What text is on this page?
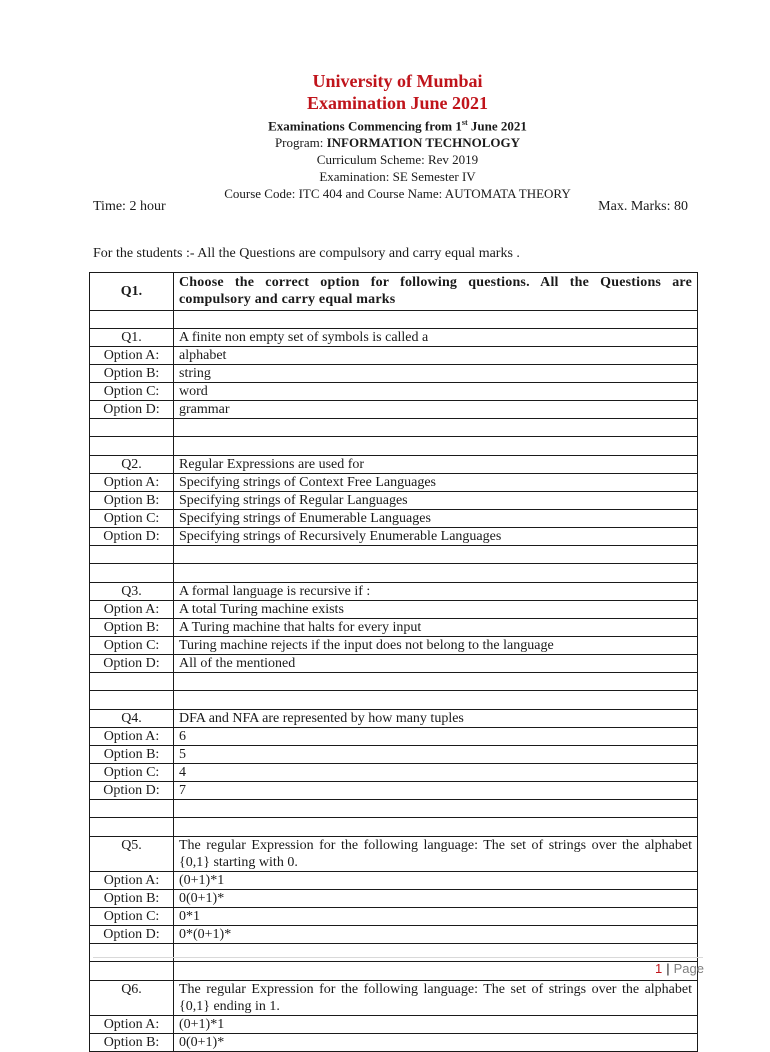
University of Mumbai
Examination June 2021
Examinations Commencing from 1st June 2021
Program: INFORMATION TECHNOLOGY
Curriculum Scheme: Rev 2019
Examination: SE Semester IV
Course Code: ITC 404 and Course Name: AUTOMATA THEORY
Time: 2 hour	Max. Marks: 80
For the students :- All the Questions are compulsory and carry equal marks .
Q1.	Choose the correct option for following questions. All the Questions are compulsory and carry equal marks

Q1.	A finite non empty set of symbols is called a
Option A:	alphabet
Option B:	string
Option C:	word
Option D:	grammar

Q2.	Regular Expressions are used for
Option A:	Specifying strings of Context Free Languages
Option B:	Specifying strings of Regular Languages
Option C:	Specifying strings of Enumerable Languages
Option D:	Specifying strings of Recursively Enumerable Languages

Q3.	A formal language is recursive if :
Option A:	A total Turing machine exists
Option B:	A Turing machine that halts for every input
Option C:	Turing machine rejects if the input does not belong to the language
Option D:	All of the mentioned

Q4.	DFA and NFA are represented by how many tuples
Option A:	6
Option B:	5
Option C:	4
Option D:	7

Q5.	The regular Expression for the following language: The set of strings over the alphabet {0,1} starting with 0.
Option A:	(0+1)*1
Option B:	0(0+1)*
Option C:	0*1
Option D:	0*(0+1)*

Q6.	The regular Expression for the following language: The set of strings over the alphabet {0,1} ending in 1.
Option A:	(0+1)*1
Option B:	0(0+1)*
1 | Page
